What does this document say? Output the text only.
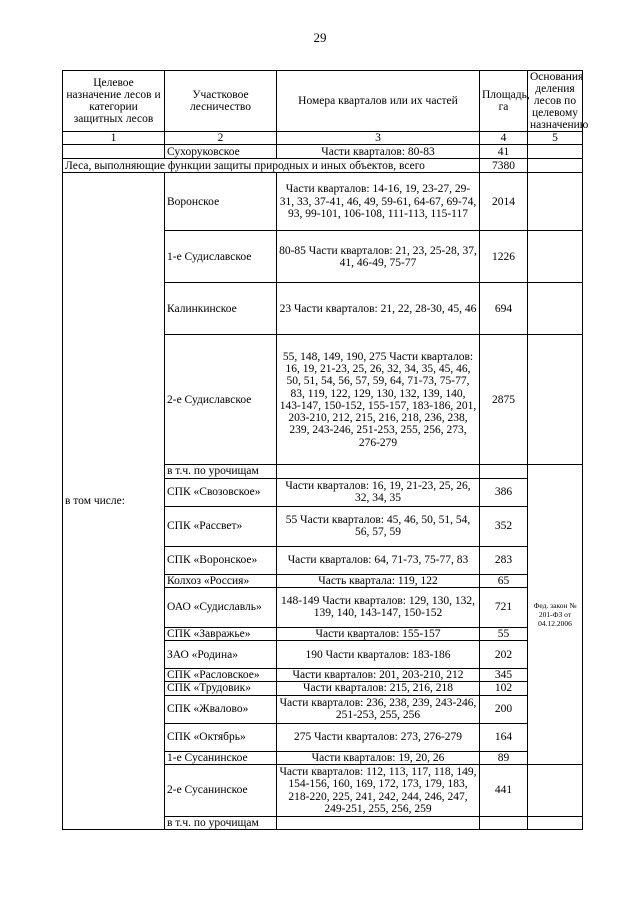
29
Целевое назначение лесов и категории защитных лесов	Участковое лесничество	Номера кварталов или их частей	Площадь, га	Основания деления лесов по целевому назначению
1	2	3	4	5
	Сухоруковское	Части кварталов: 80-83	41	
Леса, выполняющие функции защиты природных и иных объектов, всего			7380	
в том числе:	Воронское	Части кварталов: 14-16, 19, 23-27, 29-31, 33, 37-41, 46, 49, 59-61, 64-67, 69-74, 93, 99-101, 106-108, 111-113, 115-117	2014	
	1-е Судиславское	80-85 Части кварталов: 21, 23, 25-28, 37, 41, 46-49, 75-77	1226	
	Калинкинское	23 Части кварталов: 21, 22, 28-30, 45, 46	694	
	2-е Судиславское	55, 148, 149, 190, 275 Части кварталов: 16, 19, 21-23, 25, 26, 32, 34, 35, 45, 46, 50, 51, 54, 56, 57, 59, 64, 71-73, 75-77, 83, 119, 122, 129, 130, 132, 139, 140, 143-147, 150-152, 155-157, 183-186, 201, 203-210, 212, 215, 216, 218, 236, 238, 239, 243-246, 251-253, 255, 256, 273, 276-279	2875	
	в т.ч. по урочищам			Фед. закон № 201-ФЗ от 04.12.2006
	СПК «Свозовское»	Части кварталов: 16, 19, 21-23, 25, 26, 32, 34, 35	386	
	СПК «Рассвет»	55 Части кварталов: 45, 46, 50, 51, 54, 56, 57, 59	352	
	СПК «Воронское»	Части кварталов: 64, 71-73, 75-77, 83	283	
	Колхоз «Россия»	Часть квартала: 119, 122	65	
	ОАО «Судиславль»	148-149 Части кварталов: 129, 130, 132, 139, 140, 143-147, 150-152	721	
	СПК «Завражье»	Части кварталов: 155-157	55	
	ЗАО «Родина»	190 Части кварталов: 183-186	202	
	СПК «Расловское»	Части кварталов: 201, 203-210, 212	345	
	СПК «Трудовик»	Части кварталов: 215, 216, 218	102	
	СПК «Жвалово»	Части кварталов: 236, 238, 239, 243-246, 251-253, 255, 256	200	
	СПК «Октябрь»	275 Части кварталов: 273, 276-279	164	
	1-е Сусанинское	Части кварталов: 19, 20, 26	89	
	2-е Сусанинское	Части кварталов: 112, 113, 117, 118, 149, 154-156, 160, 169, 172, 173, 179, 183, 218-220, 225, 241, 242, 244, 246, 247, 249-251, 255, 256, 259	441	
	в т.ч. по урочищам			
